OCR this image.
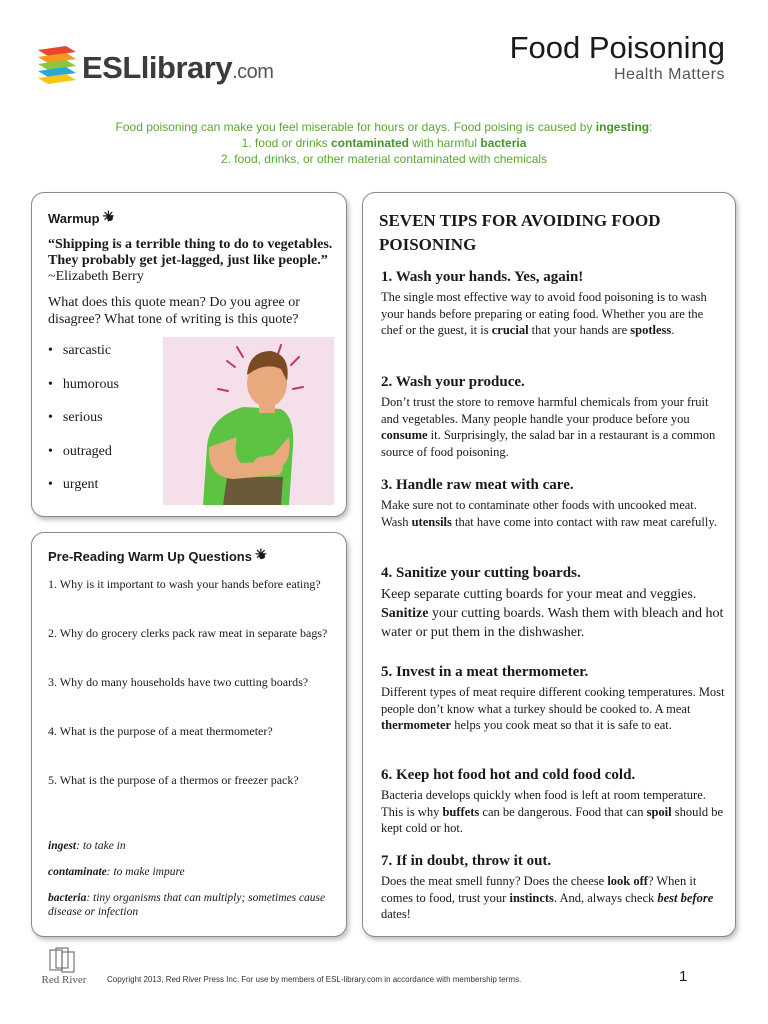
ESLlibrary.com
Food Poisoning
Health Matters
Food poisoning can make you feel miserable for hours or days. Food poising is caused by ingesting:
1. food or drinks contaminated with harmful bacteria
2. food, drinks, or other material contaminated with chemicals
Warmup✳
“Shipping is a terrible thing to do to vegetables. They probably get jet-lagged, just like people.”
~Elizabeth Berry
What does this quote mean? Do you agree or disagree? What tone of writing is this quote?
• sarcastic
• humorous
• serious
• outraged
• urgent
Pre-Reading Warm Up Questions✳
1. Why is it important to wash your hands before eating?
2. Why do grocery clerks pack raw meat in separate bags?
3. Why do many households have two cutting boards?
4. What is the purpose of a meat thermometer?
5. What is the purpose of a thermos or freezer pack?
ingest: to take in
contaminate: to make impure
bacteria: tiny organisms that can multiply; sometimes cause disease or infection
SEVEN TIPS FOR AVOIDING FOOD POISONING
1. Wash your hands. Yes, again!

The single most effective way to avoid food poisoning is to wash your hands before preparing or eating food. Whether you are the chef or the guest, it is crucial that your hands are spotless.

2. Wash your produce.

Don’t trust the store to remove harmful chemicals from your fruit and vegetables. Many people handle your produce before you consume it. Surprisingly, the salad bar in a restaurant is a common source of food poisoning.

3. Handle raw meat with care.

Make sure not to contaminate other foods with uncooked meat. Wash utensils that have come into contact with raw meat carefully.

4. Sanitize your cutting boards.

Keep separate cutting boards for your meat and veggies.
Sanitize your cutting boards. Wash them with bleach and hot water or put them in the dishwasher.

5. Invest in a meat thermometer.

Different types of meat require different cooking temperatures. Most people don’t know what a turkey should be cooked to. A meat thermometer helps you cook meat so that it is safe to eat.

6. Keep hot food hot and cold food cold.

Bacteria develops quickly when food is left at room temperature. This is why buffets can be dangerous. Food that can spoil should be kept cold or hot.

7. If in doubt, throw it out.

Does the meat smell funny? Does the cheese look off? When it comes to food, trust your instincts. And, always check best before dates!

Red River	Copyright 2013, Red River Press Inc. For use by members of ESL-library.com in accordance with membership terms.	1
